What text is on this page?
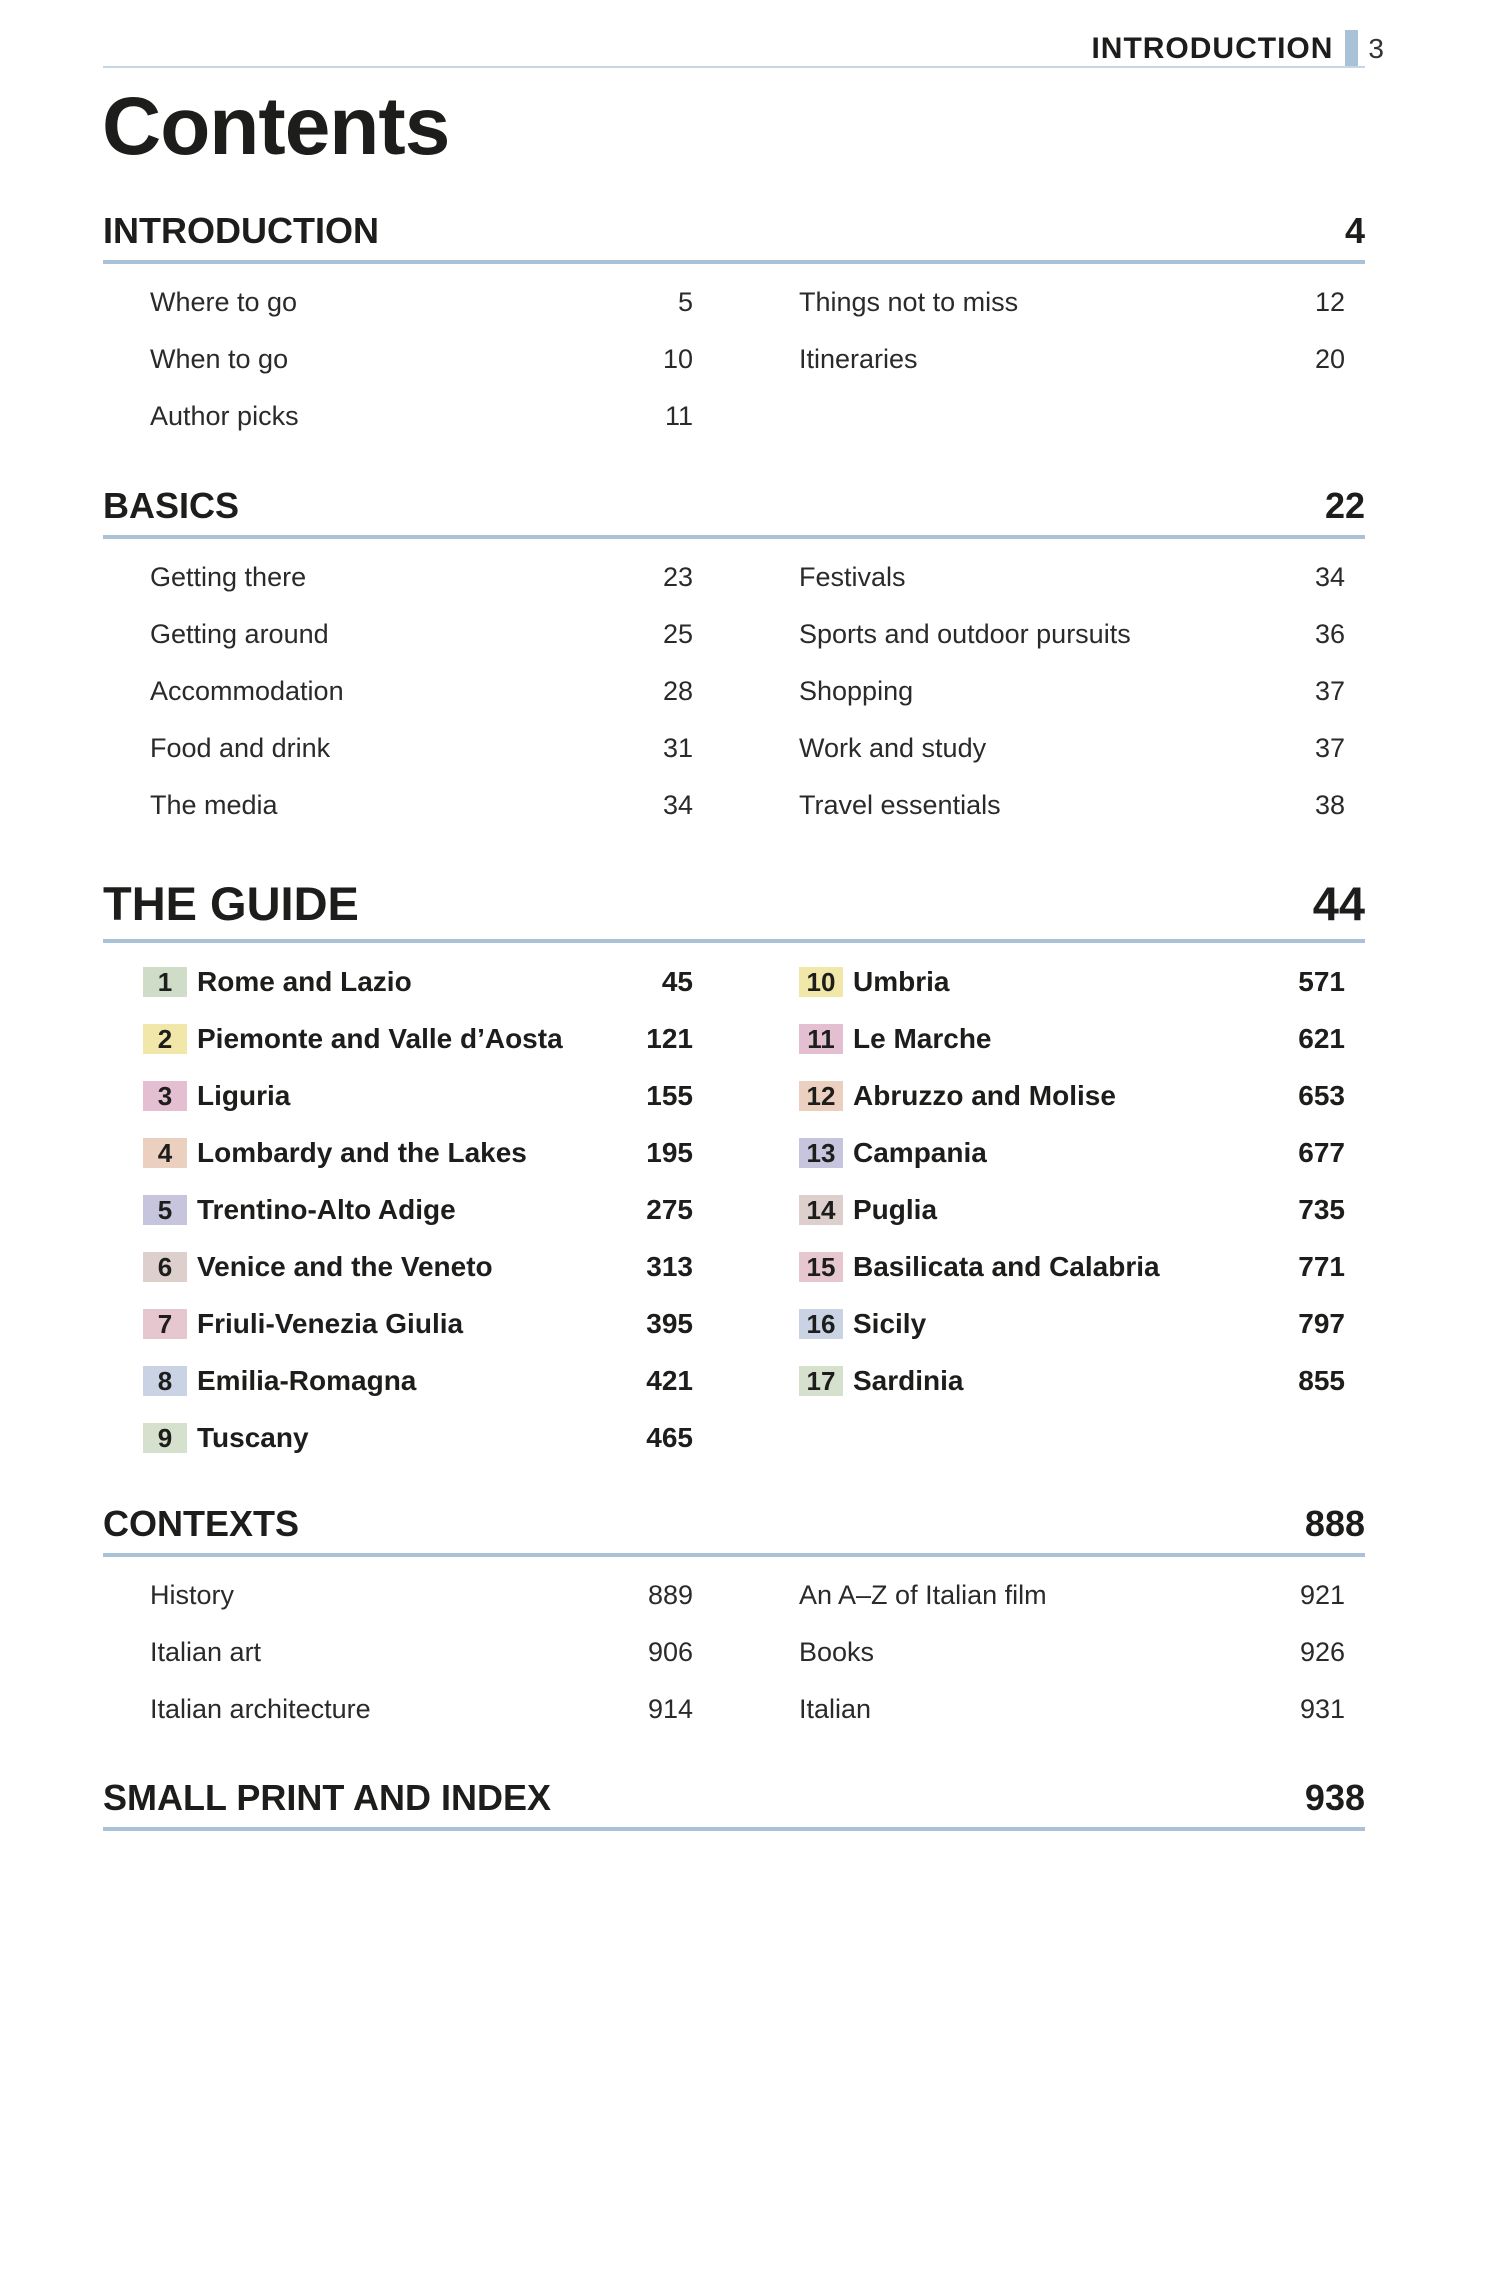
INTRODUCTION 3
Contents
INTRODUCTION	4
Where to go	5
When to go	10
Author picks	11
Things not to miss	12
Itineraries	20
BASICS	22
Getting there	23
Getting around	25
Accommodation	28
Food and drink	31
The media	34
Festivals	34
Sports and outdoor pursuits	36
Shopping	37
Work and study	37
Travel essentials	38
THE GUIDE	44
1 Rome and Lazio	45
2 Piemonte and Valle d’Aosta	121
3 Liguria	155
4 Lombardy and the Lakes	195
5 Trentino-Alto Adige	275
6 Venice and the Veneto	313
7 Friuli-Venezia Giulia	395
8 Emilia-Romagna	421
9 Tuscany	465
10 Umbria	571
11 Le Marche	621
12 Abruzzo and Molise	653
13 Campania	677
14 Puglia	735
15 Basilicata and Calabria	771
16 Sicily	797
17 Sardinia	855
CONTEXTS	888
History	889
Italian art	906
Italian architecture	914
An A–Z of Italian film	921
Books	926
Italian	931
SMALL PRINT AND INDEX	938
